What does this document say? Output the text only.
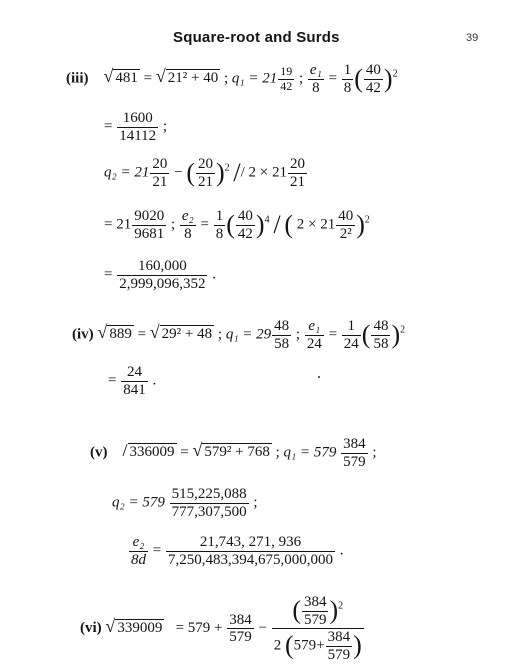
Square-root and Surds	39
(iii) √ 481 = √ 21² + 40 ; $q_1 = 21 \frac{19}{42}$ ; $\frac{\text{e₁}}{8} = \frac{1}{8}$ ( $\frac{40}{42} )^2$
= $\frac{1600}{14112}$ ;
$q_2 = 21 \frac{20}{21}$ − ( $\frac{20}{21} )^2 // 2 \times 21 \frac{20}{21}$
= $21 \frac{9020}{9681}$ ; $\frac{\text{e₂}}{8} = \frac{1}{8}$ ( $\frac{40}{42} )^4$ / ( $2 \times 21 \frac{40}{\text{2²}} )^2$
= $\frac{160,000}{2,999,096,352}$ .
(iv) √ 889 = √ 29² + 48 ; $q_1 = 29 \frac{48}{58}$ ; $\frac{\text{e₁}}{24} = \frac{1}{24}$ ( $\frac{48}{58} )^2$
= $\frac{24}{841}$ .
(v) / 336009 = √ 579² + 768 ; $q_1 = 579 \frac{384}{579}$ ;
$q_2 = 579 \frac{515,225,088}{777,307,500}$ ;
$\frac{\text{e₂}}{8d} = \frac{21,743, 271, 936}{7,250,483,394,675,000,000}$ .
(vi) √ $339009 = 579 + \frac{384}{579} - \frac{( \frac{384}{579} )^2}{2 (579+ \frac{384}{579} )}$
